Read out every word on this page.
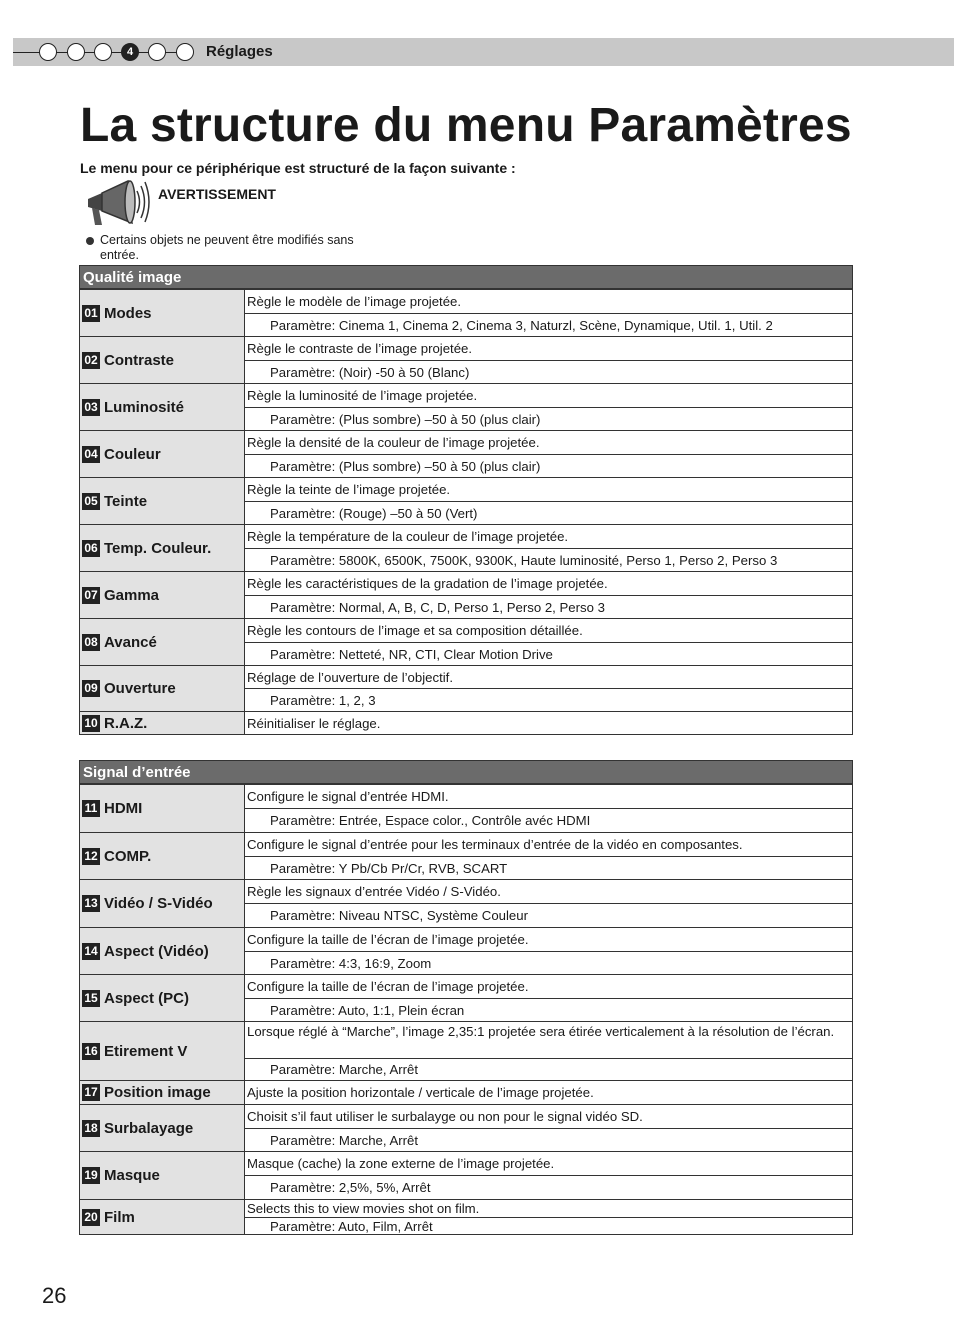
4	Réglages
La structure du menu Paramètres
Le menu pour ce périphérique est structuré de la façon suivante :
AVERTISSEMENT
Certains objets ne peuvent être modifiés sans entrée.
Qualité image
01 Modes
Règle le modèle de l’image projetée.
Paramètre: Cinema 1, Cinema 2, Cinema 3, Naturzl, Scène, Dynamique, Util. 1, Util. 2
02 Contraste
Règle le contraste de l’image projetée.
Paramètre: (Noir) -50 à 50 (Blanc)
03 Luminosité
Règle la luminosité de l’image projetée.
Paramètre: (Plus sombre) –50 à 50 (plus clair)
04 Couleur
Règle la densité de la couleur de l’image projetée.
Paramètre: (Plus sombre) –50 à 50 (plus clair)
05 Teinte
Règle la teinte de l’image projetée.
Paramètre: (Rouge) –50 à 50 (Vert)
06 Temp. Couleur.
Règle la température de la couleur de l’image projetée.
Paramètre: 5800K, 6500K, 7500K, 9300K, Haute luminosité, Perso 1, Perso 2, Perso 3
07 Gamma
Règle les caractéristiques de la gradation de l’image projetée.
Paramètre: Normal, A, B, C, D, Perso 1, Perso 2, Perso 3
08 Avancé
Règle les contours de l’image et sa composition détaillée.
Paramètre: Netteté, NR, CTI, Clear Motion Drive
09 Ouverture
Réglage de l’ouverture de l’objectif.
Paramètre: 1, 2, 3
10 R.A.Z.	Réinitialiser le réglage.
Signal d’entrée
11 HDMI
Configure le signal d’entrée HDMI.
Paramètre: Entrée, Espace color., Contrôle avéc HDMI
12 COMP.
Configure le signal d’entrée pour les terminaux d’entrée de la vidéo en composantes.
Paramètre: Y Pb/Cb Pr/Cr, RVB, SCART
13 Vidéo / S-Vidéo
Règle les signaux d’entrée Vidéo / S-Vidéo.
Paramètre: Niveau NTSC, Système Couleur
14 Aspect (Vidéo)
Configure la taille de l’écran de l’image projetée.
Paramètre: 4:3, 16:9, Zoom
15 Aspect (PC)
Configure la taille de l’écran de l’image projetée.
Paramètre: Auto, 1:1, Plein écran
16 Etirement V
Lorsque réglé à “Marche”, l’image 2,35:1 projetée sera étirée verticalement à la résolution de l’écran.
Paramètre: Marche, Arrêt
17 Position image	Ajuste la position horizontale / verticale de l’image projetée.
18 Surbalayage
Choisit s’il faut utiliser le surbalayge ou non pour le signal vidéo SD.
Paramètre: Marche, Arrêt
19 Masque
Masque (cache) la zone externe de l’image projetée.
Paramètre: 2,5%, 5%, Arrêt
20 Film	Selects this to view movies shot on film.
Paramètre: Auto, Film, Arrêt
26
